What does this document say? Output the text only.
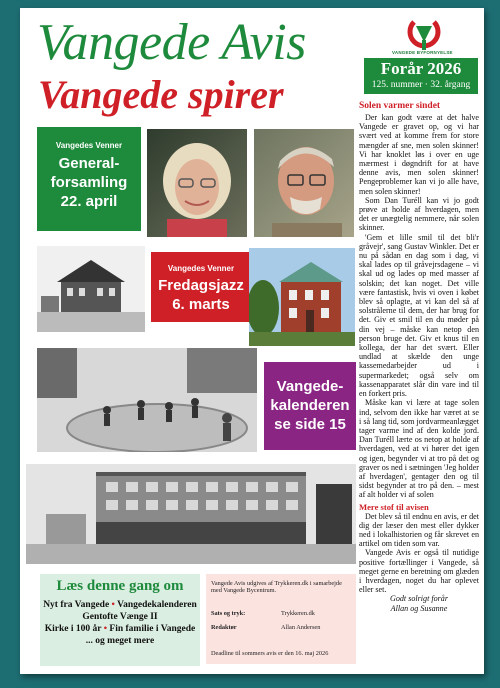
Vangede Avis
Vangede spirer
VANGEDE BYFORNYELSE
Forår 2026
125. nummer · 32. årgang
Vangedes Venner
General-
forsamling
22. april
Vangedes Venner
Fredagsjazz
6. marts
Vangede-
kalenderen
se side 15
Solen varmer sindet

Der kan godt være at det halve Vangede er gravet op, og vi har svært ved at komme frem for store mængder af sne, men solen skinner! Vi har knoklet løs i over en uge mærmest i døgndrift for at have denne avis, men solen skinner! Pengeproblemer kan vi jo alle have, men solen skinner!

Som Dan Turéll kan vi jo godt prøve at holde af hverdagen, men det er unægtelig nemmere, når solen skinner.

'Gem et lille smil til det bli'r gråvejr', sang Gustav Winkler. Det er nu på sådan en dag som i dag, vi skal lades op til gråvejrsdagene – vi skal ud og lades op med masser af solskin; det kan noget. Det ville være fantastisk, hvis vi oven i købet blev så oplagte, at vi kan del så af solstrålerne til dem, der har brug for det. Giv et smil til en du møder på din vej – måske kan netop den person bruge det. Giv et knus til en kollega, der har det svært. Eller undlad at skælde den unge kassemedarbejder ud i supermarkedet; også selv om kassenapparatet slår din vare ind til en forkert pris.

Måske kan vi lære at tage solen ind, selvom den ikke har været at se i så lang tid, som jordvarmeanlægget tager varme ind af den kolde jord. Dan Turéll lærte os netop at holde af hverdagen, ved at vi hører det igen og igen, begynder vi at tro på det og graver os ned i sætningen 'Jeg holder af hverdagen', gentager den og til sidst begynder at tro på den. – mest af alt holder vi af solen

Mere stof til avisen

Det blev så til endnu en avis, er det dig der læser den mest eller dykker ned i lokalhistorien og får skrevet en artikel om tiden som var.

Vangede Avis er også til nutidige positive fortællinger i Vangede, så meget gerne en beretning om glæden i hverdagen, noget du har oplevet eller set.

Godt solrigt forår
Allan og Susanne

Læs denne gang om
Nyt fra Vangede • Vangedekalenderen
Gentofte Vænge II
Kirke i 100 år • Fin familie i Vangede
... og meget mere
Vangede Avis udgives af Trykkeren.dk i samarbejde med Vangede Bycentrum.
Sats og tryk:	Trykkeren.dk
Redaktør	Allan Andersen
Deadline til sommers avis er den 16. maj 2026
